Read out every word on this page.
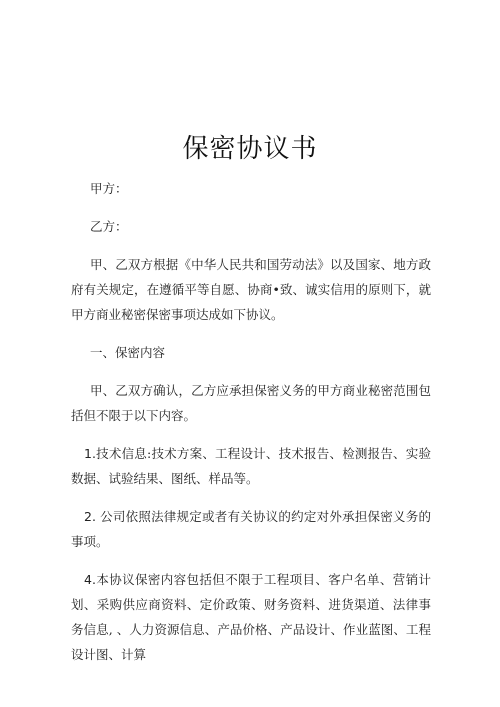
保密协议书

甲方：

乙方：

甲、乙双方根据《中华人民共和国劳动法》以及国家、地方政府有关规定，在遵循平等自愿、协商•致、诚实信用的原则下，就甲方商业秘密保密事项达成如下协议。

一、保密内容

甲、乙双方确认，乙方应承担保密义务的甲方商业秘密范围包括但不限于以下内容。

1.技术信息:技术方案、工程设计、技术报告、检测报告、实验数据、试验结果、图纸、样品等。

2. 公司依照法律规定或者有关协议的约定对外承担保密义务的事项。

4.本协议保密内容包括但不限于工程项目、客户名单、营销计划、采购供应商资料、定价政策、财务资料、进货渠道、法律事务信息, 、人力资源信息、产品价格、产品设计、作业蓝图、工程设计图、计算
